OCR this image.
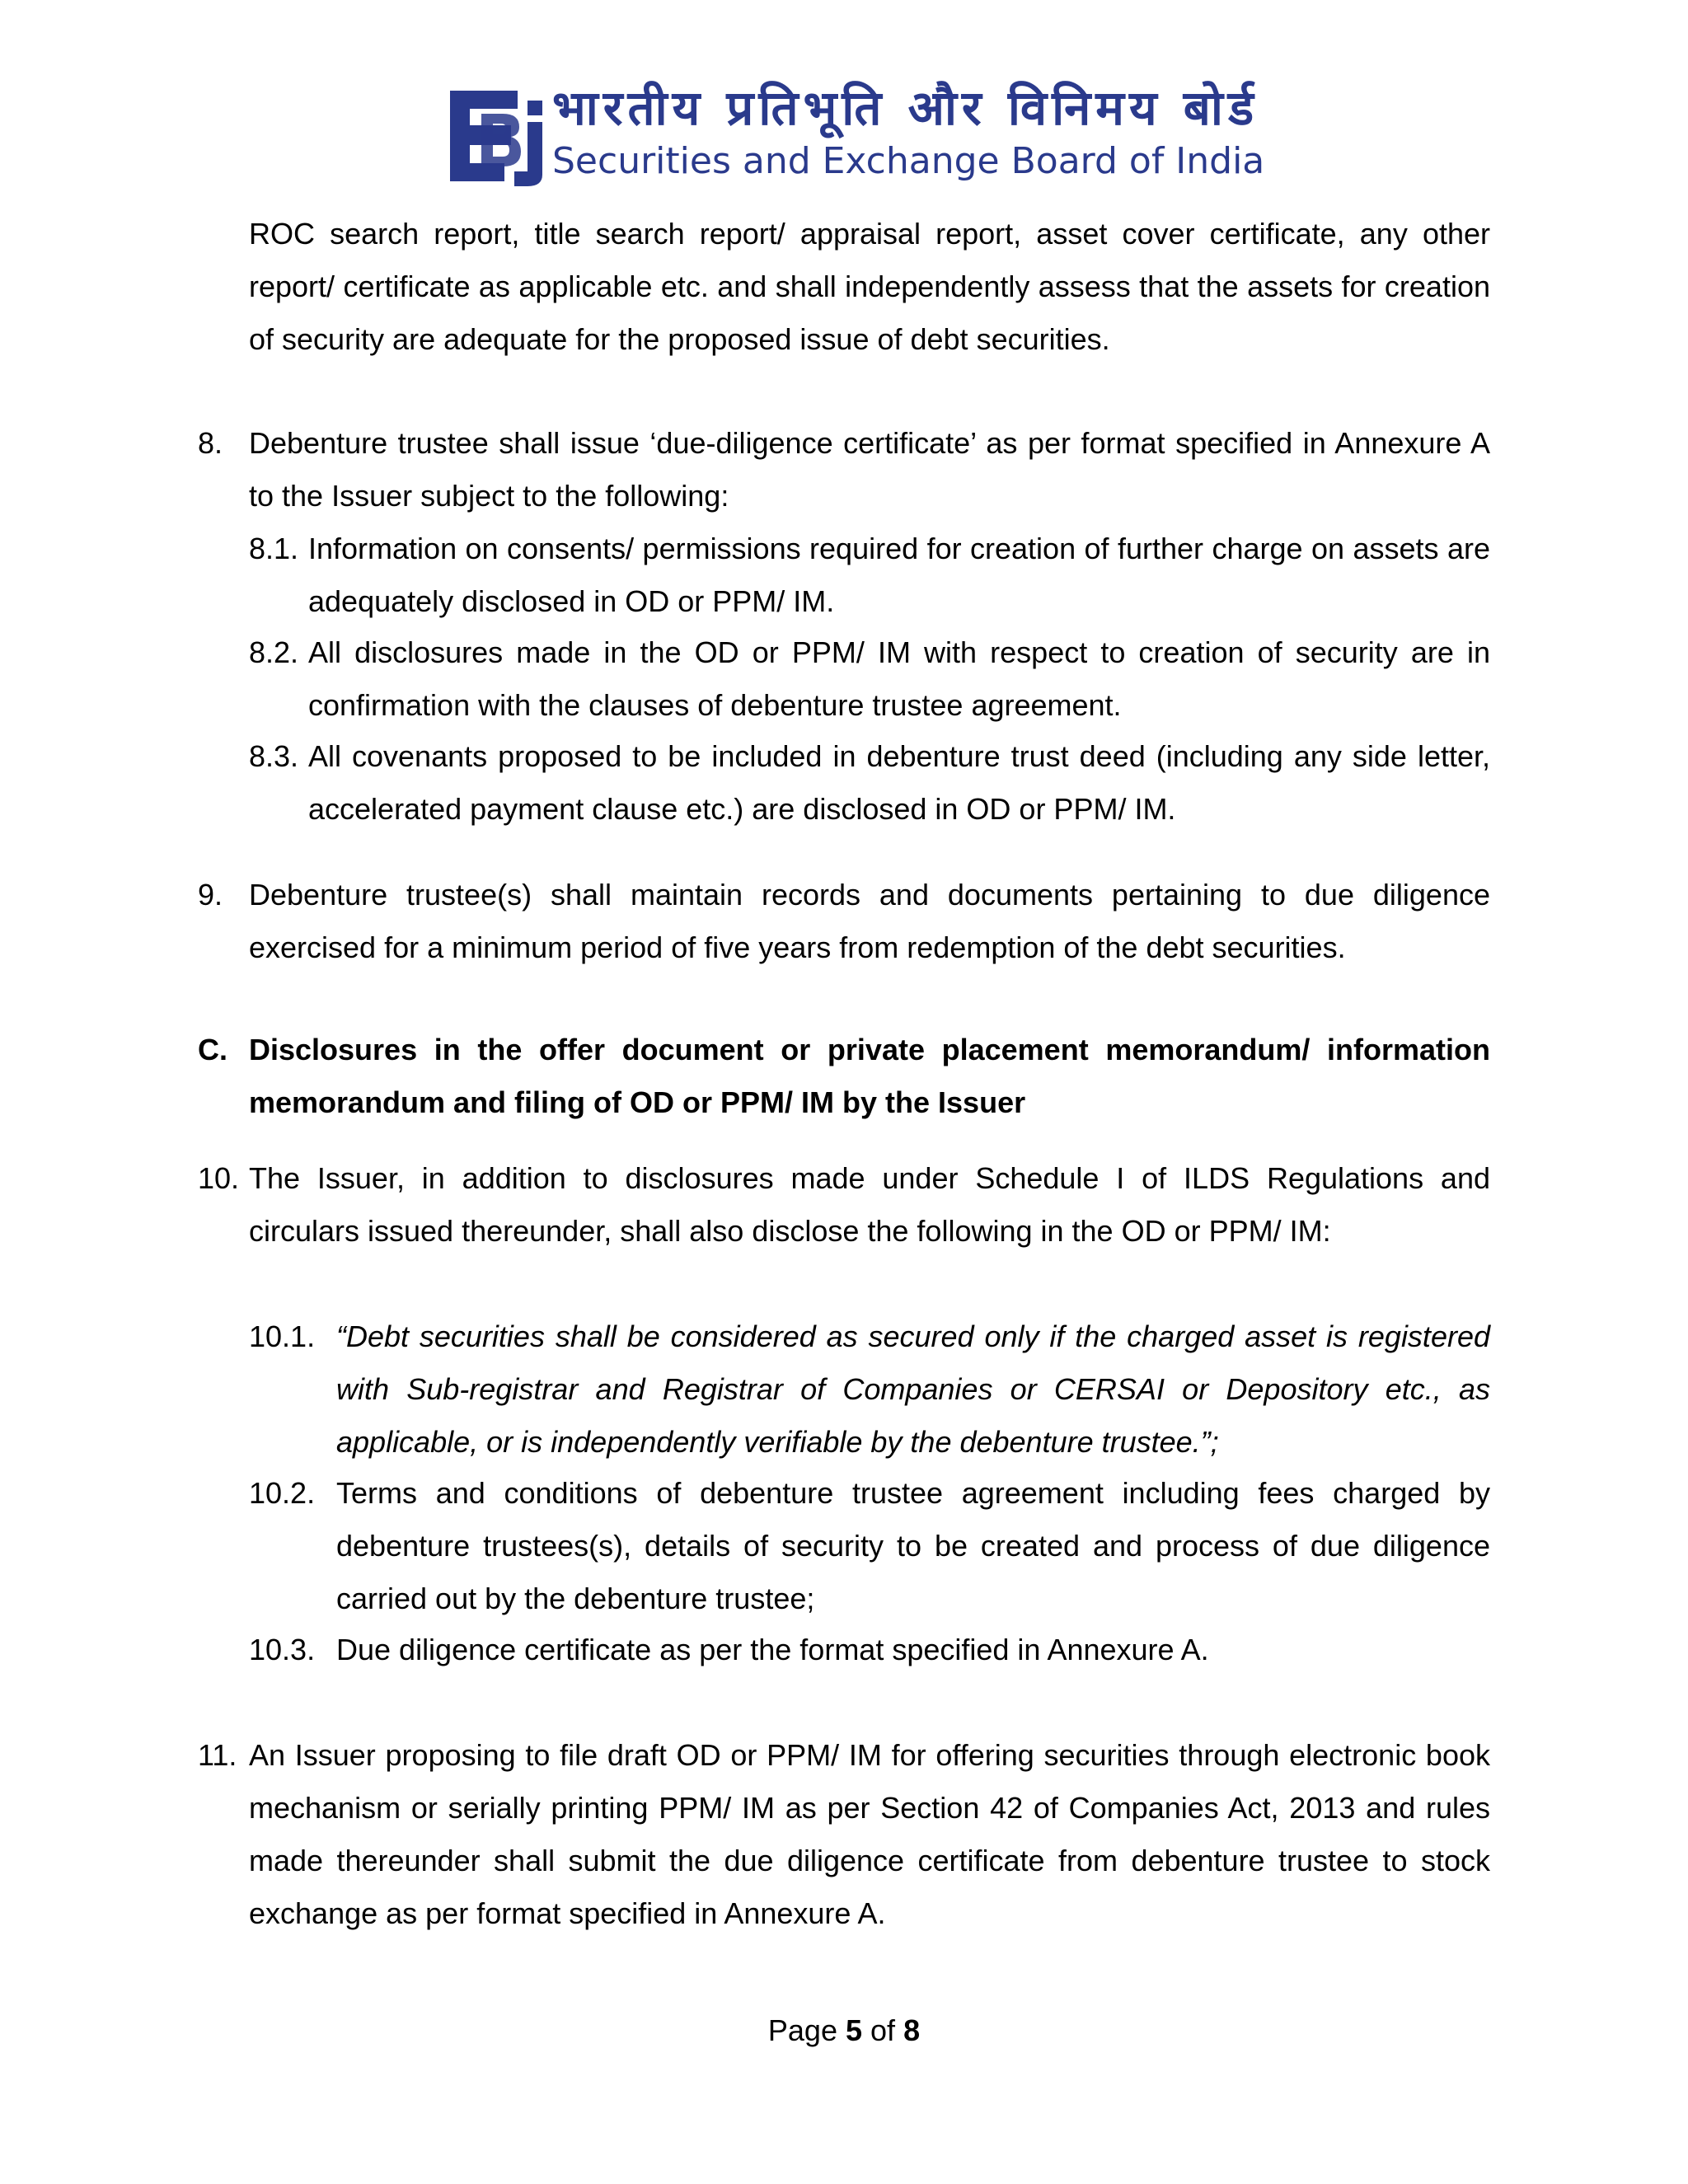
भारतीय प्रतिभूति और विनिमय बोर्ड
Securities and Exchange Board of India
ROC search report, title search report/ appraisal report, asset cover certificate, any other report/ certificate as applicable etc. and shall independently assess that the assets for creation of security are adequate for the proposed issue of debt securities.
8. Debenture trustee shall issue ‘due-diligence certificate’ as per format specified in Annexure A to the Issuer subject to the following:
8.1. Information on consents/ permissions required for creation of further charge on assets are adequately disclosed in OD or PPM/ IM.
8.2. All disclosures made in the OD or PPM/ IM with respect to creation of security are in confirmation with the clauses of debenture trustee agreement.
8.3. All covenants proposed to be included in debenture trust deed (including any side letter, accelerated payment clause etc.) are disclosed in OD or PPM/ IM.
9. Debenture trustee(s) shall maintain records and documents pertaining to due diligence exercised for a minimum period of five years from redemption of the debt securities.
C. Disclosures in the offer document or private placement memorandum/ information memorandum and filing of OD or PPM/ IM by the Issuer
10. The Issuer, in addition to disclosures made under Schedule I of ILDS Regulations and circulars issued thereunder, shall also disclose the following in the OD or PPM/ IM:
10.1. “Debt securities shall be considered as secured only if the charged asset is registered with Sub-registrar and Registrar of Companies or CERSAI or Depository etc., as applicable, or is independently verifiable by the debenture trustee.”;
10.2. Terms and conditions of debenture trustee agreement including fees charged by debenture trustees(s), details of security to be created and process of due diligence carried out by the debenture trustee;
10.3. Due diligence certificate as per the format specified in Annexure A.
11. An Issuer proposing to file draft OD or PPM/ IM for offering securities through electronic book mechanism or serially printing PPM/ IM as per Section 42 of Companies Act, 2013 and rules made thereunder shall submit the due diligence certificate from debenture trustee to stock exchange as per format specified in Annexure A.
Page 5 of 8
